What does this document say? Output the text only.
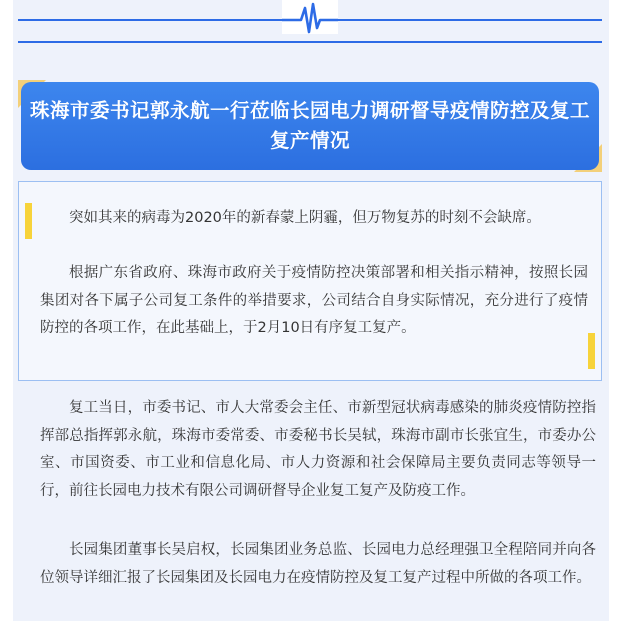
珠海市委书记郭永航一行莅临长园电力调研督导疫情防控及复工复产情况
突如其来的病毒为2020年的新春蒙上阴霾，但万物复苏的时刻不会缺席。
根据广东省政府、珠海市政府关于疫情防控决策部署和相关指示精神，按照长园集团对各下属子公司复工条件的举措要求，公司结合自身实际情况，充分进行了疫情防控的各项工作，在此基础上，于2月10日有序复工复产。
复工当日，市委书记、市人大常委会主任、市新型冠状病毒感染的肺炎疫情防控指挥部总指挥郭永航，珠海市委常委、市委秘书长吴轼，珠海市副市长张宜生，市委办公室、市国资委、市工业和信息化局、市人力资源和社会保障局主要负责同志等领导一行，前往长园电力技术有限公司调研督导企业复工复产及防疫工作。
长园集团董事长吴启权，长园集团业务总监、长园电力总经理强卫全程陪同并向各位领导详细汇报了长园集团及长园电力在疫情防控及复工复产过程中所做的各项工作。
